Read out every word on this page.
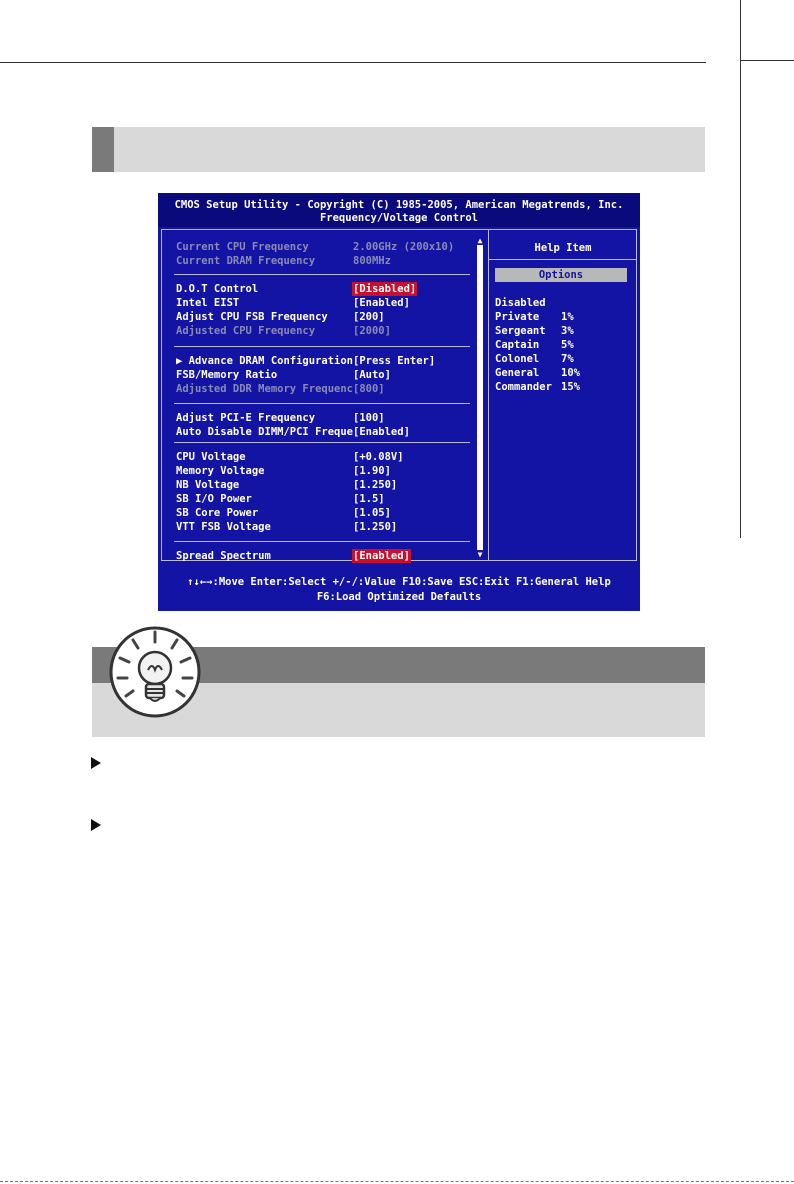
CMOS Setup Utility - Copyright (C) 1985-2005, American Megatrends, Inc.
Frequency/Voltage Control
▲
▼
Current CPU Frequency	2.00GHz (200x10)
Current DRAM Frequency	800MHz
D.O.T Control	[Disabled]
Intel EIST	[Enabled]
Adjust CPU FSB Frequency [200]
Adjusted CPU Frequency	[2000]
▶ Advance DRAM Configuration [Press Enter]
FSB/Memory Ratio	[Auto]
Adjusted DDR Memory Frequenc [800]
Adjust PCI-E Frequency	[100]
Auto Disable DIMM/PCI Freque [Enabled]
CPU Voltage	[+0.08V]
Memory Voltage	[1.90]
NB Voltage	[1.250]
SB I/O Power	[1.5]
SB Core Power	[1.05]
VTT FSB Voltage	[1.250]
Spread Spectrum	[Enabled]
Help Item
Options
Disabled
Private 1%
Sergeant 3%
Captain 5%
Colonel 7%
General 10%
Commander 15%
↑↓←→:Move Enter:Select +/-/:Value F10:Save ESC:Exit F1:General Help
F6:Load Optimized Defaults
